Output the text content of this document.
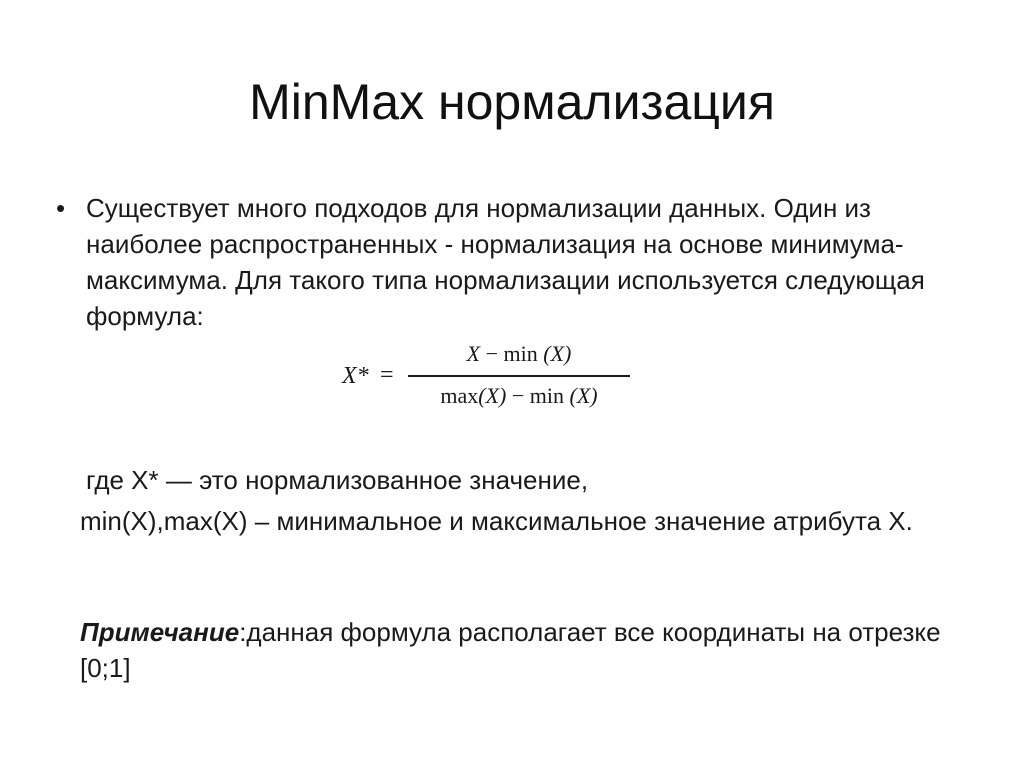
MinMax нормализация
• Существует много подходов для нормализации данных. Один из наиболее распространенных - нормализация на основе минимума-максимума. Для такого типа нормализации используется следующая формула:

X* =
X − min (X)
max(X) − min (X)

где X* — это нормализованное значение,

min(X),max(X) – минимальное и максимальное значение атрибута X.

Примечание:данная формула располагает все координаты на отрезке [0;1]
